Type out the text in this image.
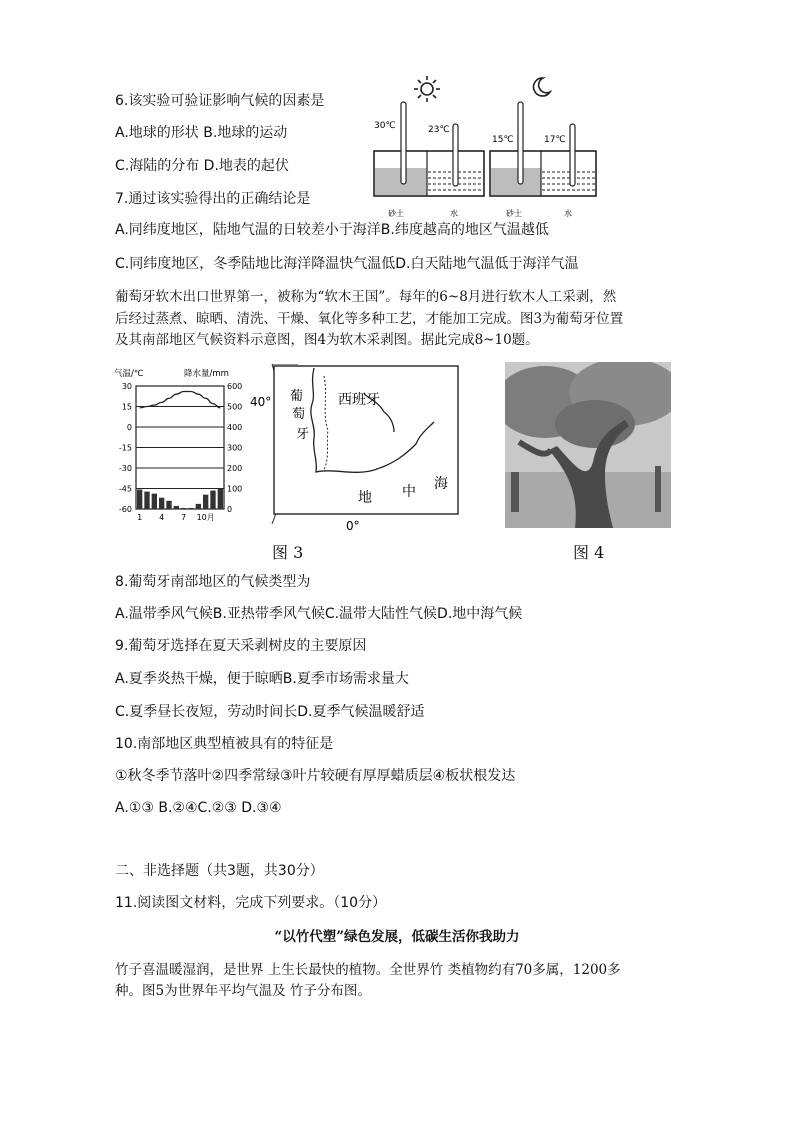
6.该实验可验证影响气候的因素是
A.地球的形状 B.地球的运动
C.海陆的分布 D.地表的起伏
7.通过该实验得出的正确结论是
A.同纬度地区，陆地气温的日较差小于海洋B.纬度越高的地区气温越低
C.同纬度地区，冬季陆地比海洋降温快气温低D.白天陆地气温低于海洋气温
30℃	23℃
15℃	17℃
砂土	水	砂土	水
葡萄牙软木出口世界第一，被称为“软木王国”。每年的6~8月进行软木人工采剥，然
后经过蒸煮、晾晒、清洗、干燥、氧化等多种工艺，才能加工完成。图3为葡萄牙位置
及其南部地区气候资料示意图，图4为软木采剥图。据此完成8~10题。
气温/℃	降水量/mm
30
15
0
-15
-30
-45
-60
600
500
400
300
200
100
0
1 4 7 10月
40°
0°
葡
萄
牙
西班牙
地 中 海
图 3	图 4
8.葡萄牙南部地区的气候类型为
A.温带季风气候B.亚热带季风气候C.温带大陆性气候D.地中海气候
9.葡萄牙选择在夏天采剥树皮的主要原因
A.夏季炎热干燥，便于晾晒B.夏季市场需求量大
C.夏季昼长夜短，劳动时间长D.夏季气候温暖舒适
10.南部地区典型植被具有的特征是
①秋冬季节落叶②四季常绿③叶片较硬有厚厚蜡质层④板状根发达
A.①③ B.②④C.②③ D.③④
二、非选择题（共3题，共30分）
11.阅读图文材料，完成下列要求。（10分）
“以竹代塑”绿色发展，低碳生活你我助力
竹子喜温暖湿润，是世界 上生长最快的植物。全世界竹 类植物约有70多属，1200多
种。图5为世界年平均气温及 竹子分布图。
